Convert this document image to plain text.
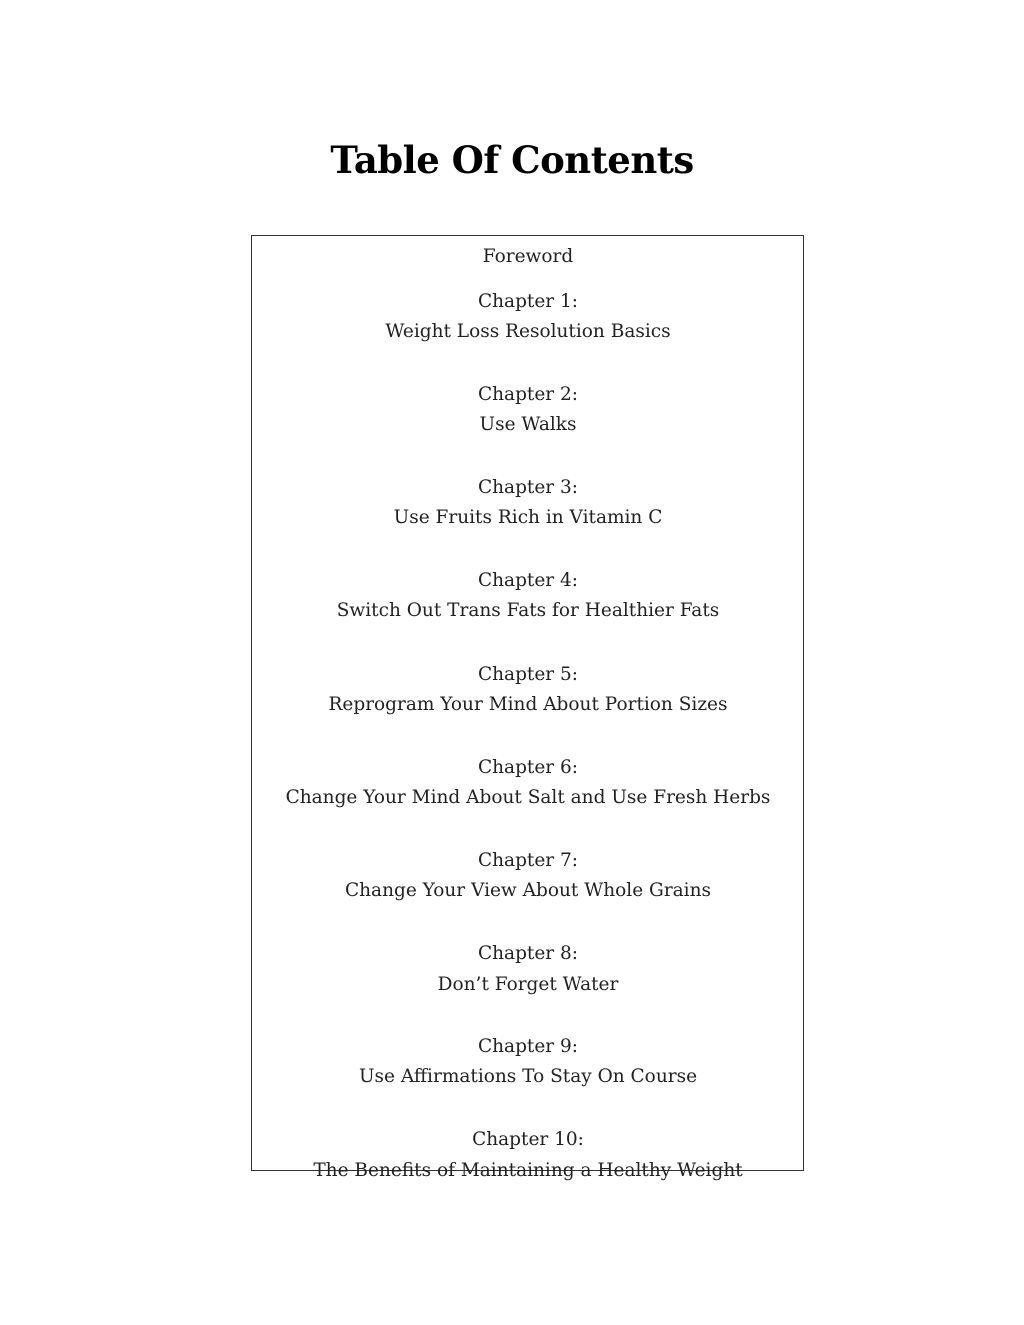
Table Of Contents

Foreword

Chapter 1:

Weight Loss Resolution Basics

Chapter 2:

Use Walks

Chapter 3:

Use Fruits Rich in Vitamin C

Chapter 4:

Switch Out Trans Fats for Healthier Fats

Chapter 5:

Reprogram Your Mind About Portion Sizes

Chapter 6:

Change Your Mind About Salt and Use Fresh Herbs

Chapter 7:

Change Your View About Whole Grains

Chapter 8:

Don’t Forget Water

Chapter 9:

Use Affirmations To Stay On Course

Chapter 10:

The Benefits of Maintaining a Healthy Weight
